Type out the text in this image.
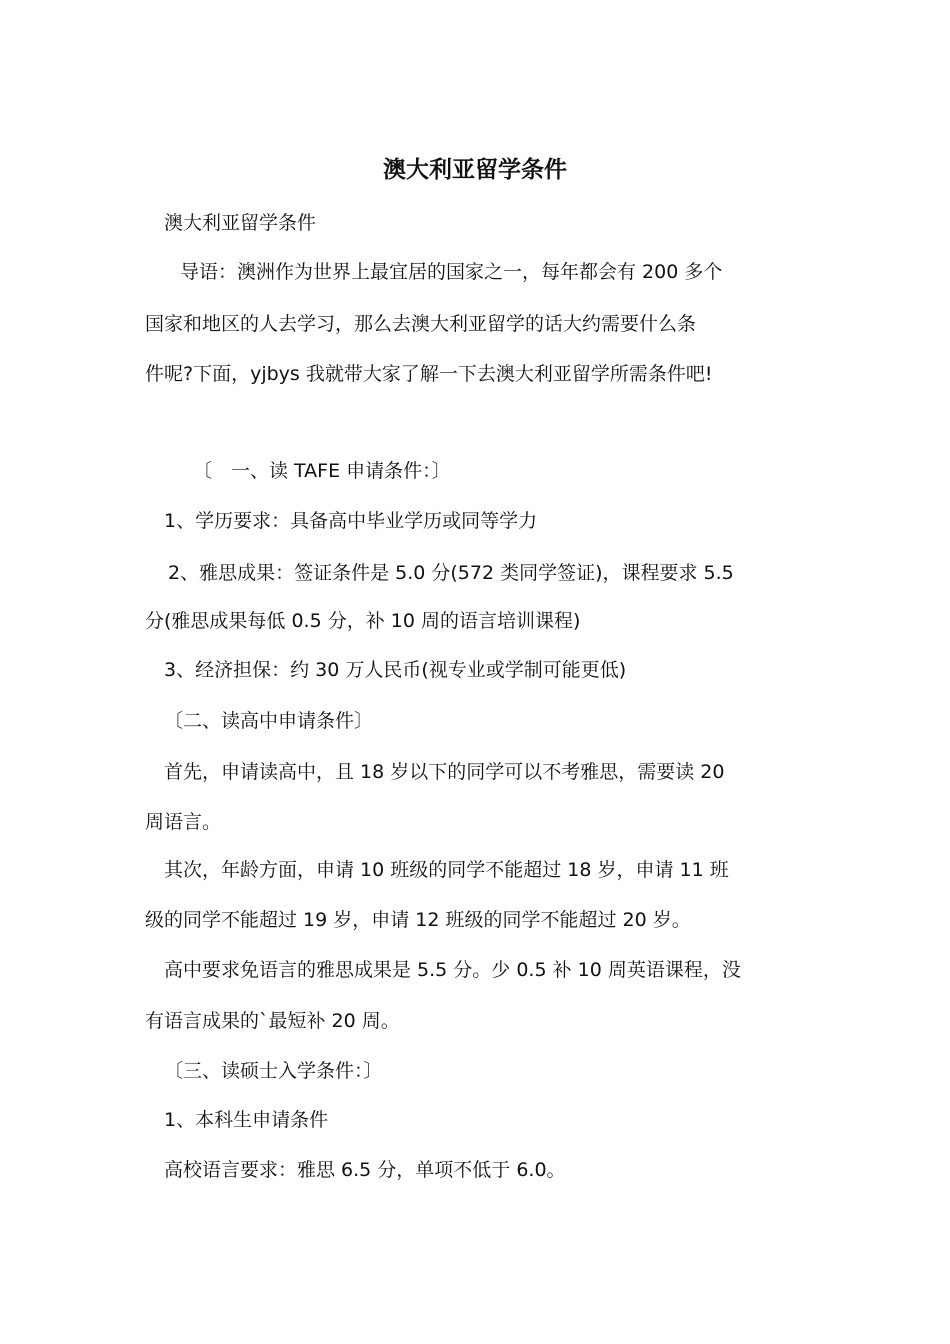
澳大利亚留学条件

澳大利亚留学条件

导语：澳洲作为世界上最宜居的国家之一，每年都会有 200 多个

国家和地区的人去学习，那么去澳大利亚留学的话大约需要什么条

件呢?下面，yjbys 我就带大家了解一下去澳大利亚留学所需条件吧!

〔　一、读 TAFE 申请条件：〕

1、学历要求：具备高中毕业学历或同等学力

2、雅思成果：签证条件是 5.0 分(572 类同学签证)，课程要求 5.5

分(雅思成果每低 0.5 分，补 10 周的语言培训课程)

3、经济担保：约 30 万人民币(视专业或学制可能更低)

〔二、读高中申请条件〕

首先，申请读高中，且 18 岁以下的同学可以不考雅思，需要读 20

周语言。

其次，年龄方面，申请 10 班级的同学不能超过 18 岁，申请 11 班

级的同学不能超过 19 岁，申请 12 班级的同学不能超过 20 岁。

高中要求免语言的雅思成果是 5.5 分。少 0.5 补 10 周英语课程，没

有语言成果的`最短补 20 周。

〔三、读硕士入学条件：〕

1、本科生申请条件

高校语言要求：雅思 6.5 分，单项不低于 6.0。
